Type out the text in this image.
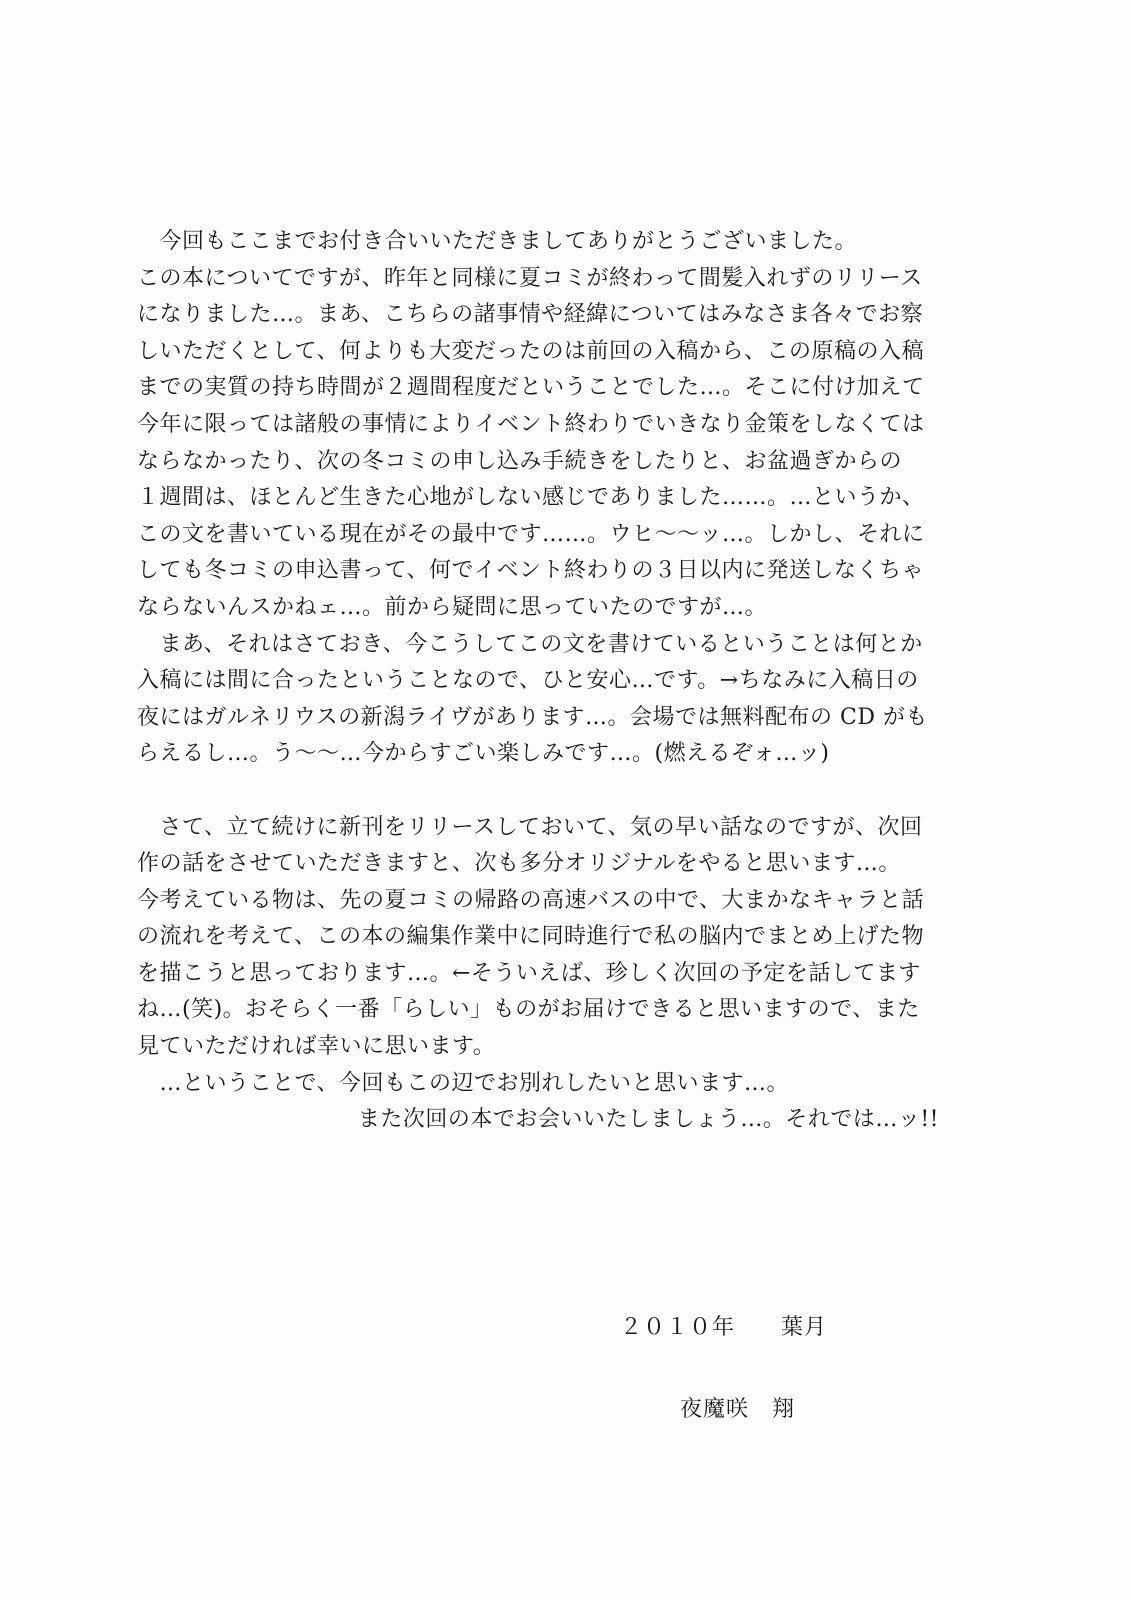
　今回もここまでお付き合いいただきましてありがとうございました。
この本についてですが、昨年と同様に夏コミが終わって間髪入れずのリリース
になりました…。まあ、こちらの諸事情や経緯についてはみなさま各々でお察
しいただくとして、何よりも大変だったのは前回の入稿から、この原稿の入稿
までの実質の持ち時間が２週間程度だということでした…。そこに付け加えて
今年に限っては諸般の事情によりイベント終わりでいきなり金策をしなくては
ならなかったり、次の冬コミの申し込み手続きをしたりと、お盆過ぎからの
１週間は、ほとんど生きた心地がしない感じでありました……。…というか、
この文を書いている現在がその最中です……。ウヒ～～ッ…。しかし、それに
しても冬コミの申込書って、何でイベント終わりの３日以内に発送しなくちゃ
ならないんスかねェ…。前から疑問に思っていたのですが…。
　まあ、それはさておき、今こうしてこの文を書けているということは何とか
入稿には間に合ったということなので、ひと安心…です。→ちなみに入稿日の
夜にはガルネリウスの新潟ライヴがあります…。会場では無料配布の CD がも
らえるし…。う～～…今からすごい楽しみです…。(燃えるぞォ…ッ)
　さて、立て続けに新刊をリリースしておいて、気の早い話なのですが、次回
作の話をさせていただきますと、次も多分オリジナルをやると思います…。
今考えている物は、先の夏コミの帰路の高速バスの中で、大まかなキャラと話
の流れを考えて、この本の編集作業中に同時進行で私の脳内でまとめ上げた物
を描こうと思っております…。←そういえば、珍しく次回の予定を話してます
ね…(笑)。おそらく一番「らしい」ものがお届けできると思いますので、また
見ていただければ幸いに思います。
　…ということで、今回もこの辺でお別れしたいと思います…。
また次回の本でお会いいたしましょう…。それでは…ッ!!
２０１０年　　葉月
夜魔咲　翔
